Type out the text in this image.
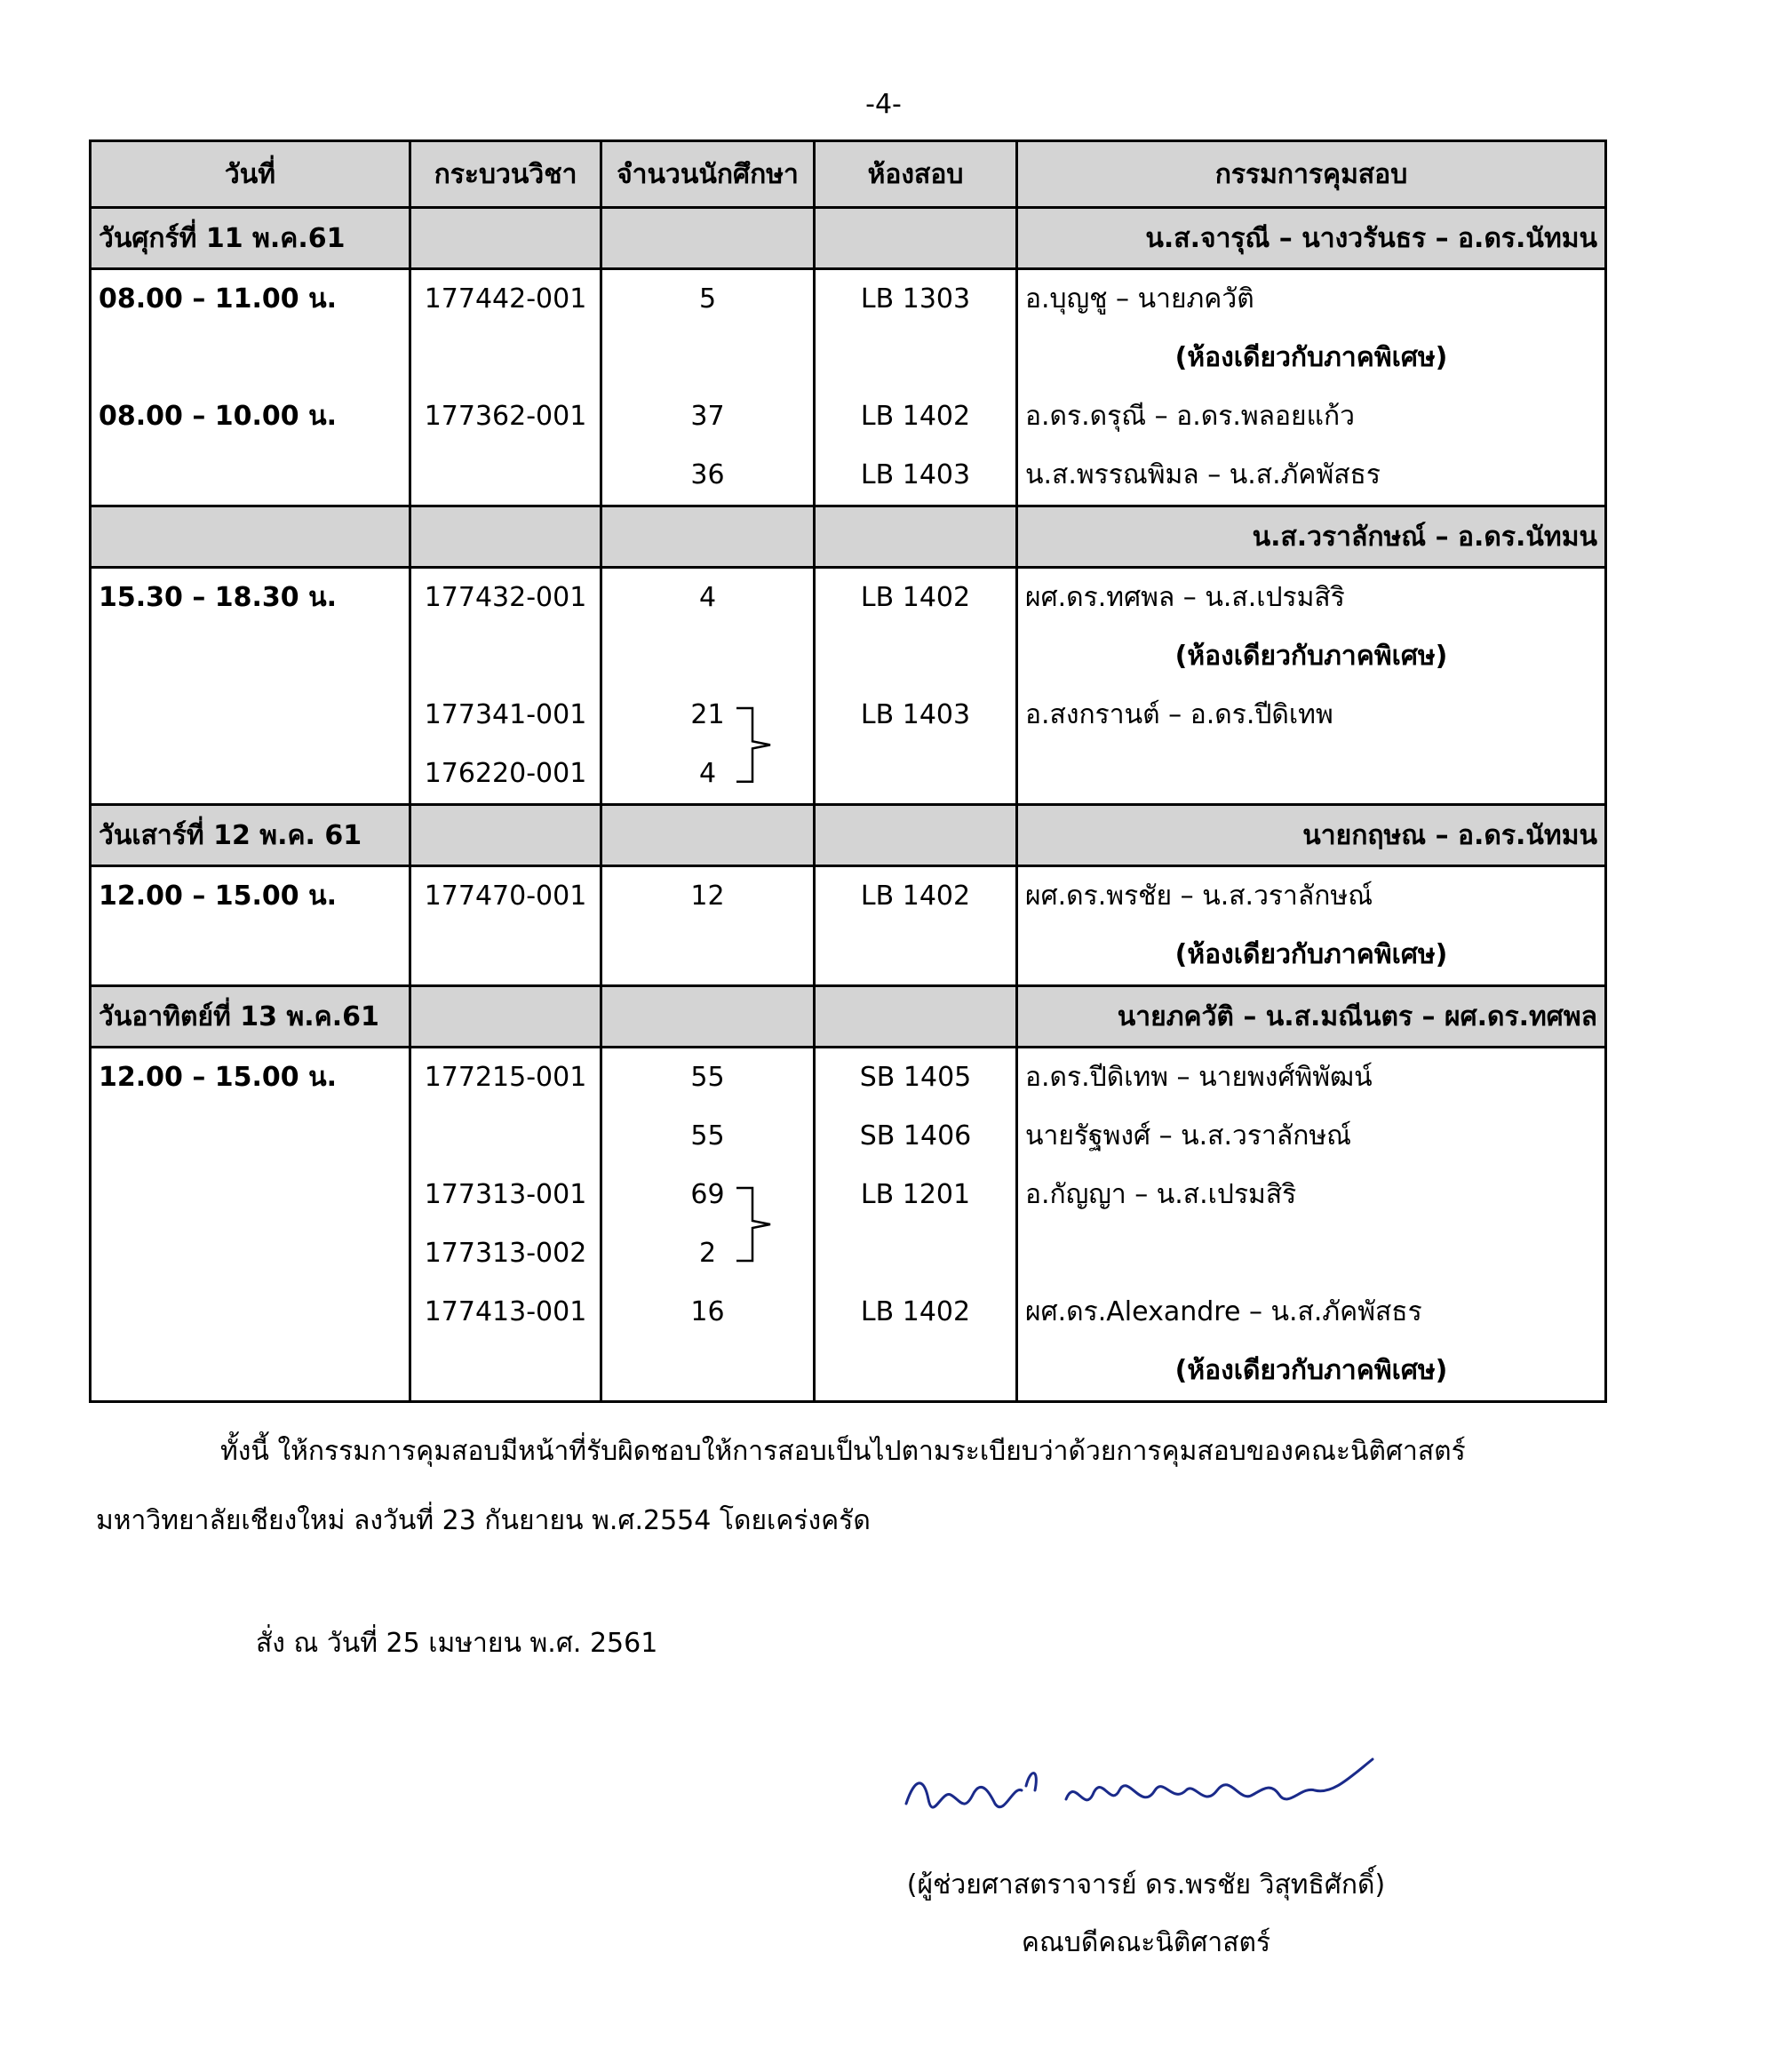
-4-
วันที่	กระบวนวิชา	จำนวนนักศึกษา	ห้องสอบ	กรรมการคุมสอบ
วันศุกร์ที่ 11 พ.ค.61				น.ส.จารุณี – นางวรันธร – อ.ดร.นัทมน
08.00 – 11.00 น.	177442-001	5	LB 1303	อ.บุญชู – นายภควัติ
				(ห้องเดียวกับภาคพิเศษ)
08.00 – 10.00 น.	177362-001	37	LB 1402	อ.ดร.ดรุณี – อ.ดร.พลอยแก้ว
		36	LB 1403	น.ส.พรรณพิมล – น.ส.ภัคพัสธร
				น.ส.วราลักษณ์ – อ.ดร.นัทมน
15.30 – 18.30 น.	177432-001	4	LB 1402	ผศ.ดร.ทศพล – น.ส.เปรมสิริ
				(ห้องเดียวกับภาคพิเศษ)
	177341-001	21	LB 1403	อ.สงกรานต์ – อ.ดร.ปีดิเทพ
	176220-001	4		
วันเสาร์ที่ 12 พ.ค. 61				นายกฤษณ – อ.ดร.นัทมน
12.00 – 15.00 น.	177470-001	12	LB 1402	ผศ.ดร.พรชัย – น.ส.วราลักษณ์
				(ห้องเดียวกับภาคพิเศษ)
วันอาทิตย์ที่ 13 พ.ค.61				นายภควัติ – น.ส.มณีนตร – ผศ.ดร.ทศพล
12.00 – 15.00 น.	177215-001	55	SB 1405	อ.ดร.ปีดิเทพ – นายพงศ์พิพัฒน์
		55	SB 1406	นายรัฐพงศ์ – น.ส.วราลักษณ์
	177313-001	69	LB 1201	อ.กัญญา – น.ส.เปรมสิริ
	177313-002	2		
	177413-001	16	LB 1402	ผศ.ดร.Alexandre – น.ส.ภัคพัสธร
				(ห้องเดียวกับภาคพิเศษ)
ทั้งนี้ ให้กรรมการคุมสอบมีหน้าที่รับผิดชอบให้การสอบเป็นไปตามระเบียบว่าด้วยการคุมสอบของคณะนิติศาสตร์
มหาวิทยาลัยเชียงใหม่ ลงวันที่ 23 กันยายน พ.ศ.2554 โดยเคร่งครัด
สั่ง ณ วันที่ 25 เมษายน พ.ศ. 2561
(ผู้ช่วยศาสตราจารย์ ดร.พรชัย วิสุทธิศักดิ์)
คณบดีคณะนิติศาสตร์
